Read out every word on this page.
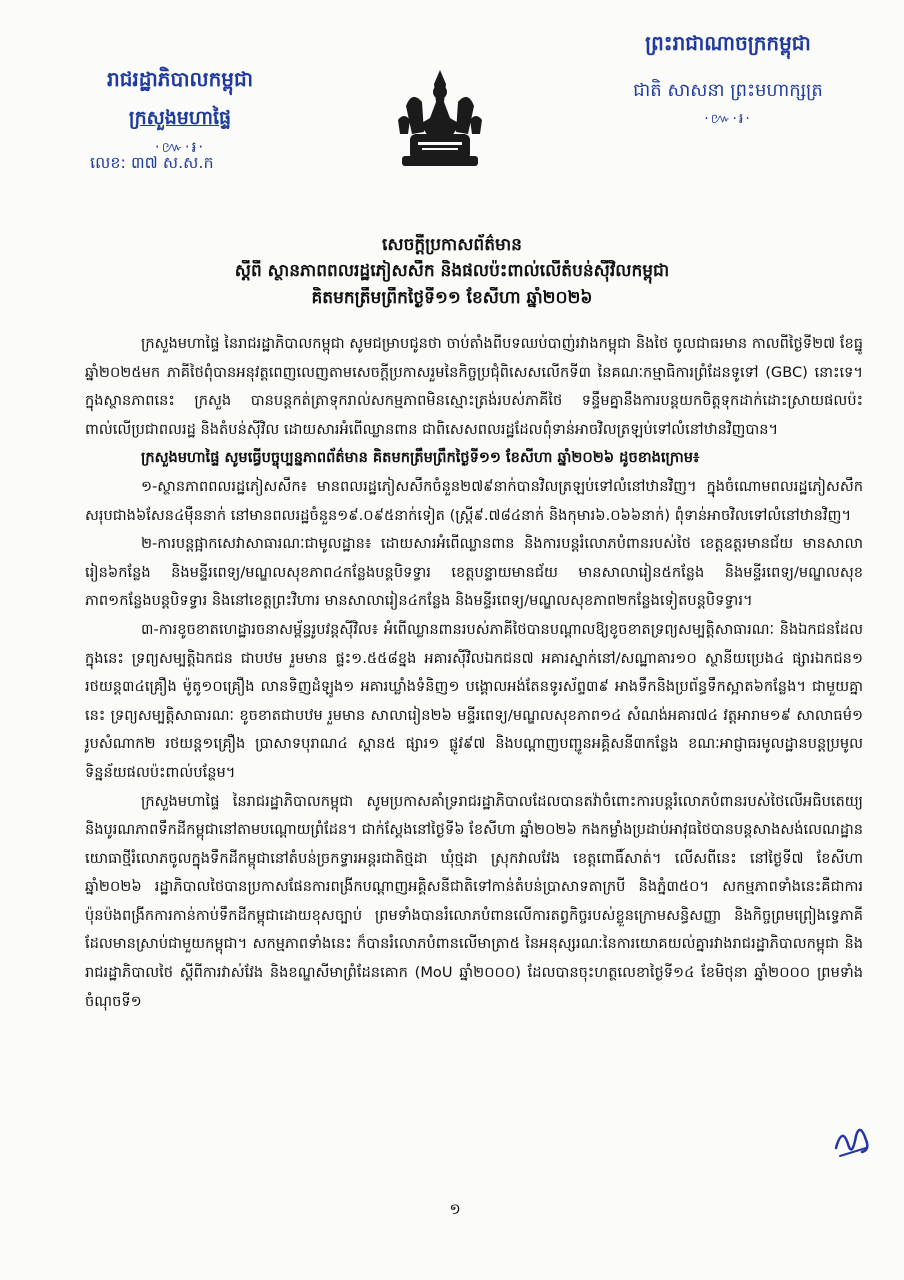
រាជរដ្ឋាភិបាលកម្ពុជា
ក្រសួងមហាផ្ទៃ
·៚·៛·
លេខ: ៣៧ ស.ស.ក
ព្រះរាជាណាចក្រកម្ពុជា
ជាតិ សាសនា ព្រះមហាក្សត្រ
·៚·៛·
សេចក្ដីប្រកាសព័ត៌មាន
ស្ដីពី ស្ថានភាពពលរដ្ឋភៀសសឹក និងផលប៉ះពាល់លើតំបន់ស៊ីវិលកម្ពុជា
គិតមកត្រឹមព្រឹកថ្ងៃទី១១ ខែសីហា ឆ្នាំ២០២៦

ក្រសួងមហាផ្ទៃ នៃរាជរដ្ឋាភិបាលកម្ពុជា សូមជម្រាបជូនថា ចាប់តាំងពីបទឈប់បាញ់រវាងកម្ពុជា និងថៃ ចូលជាធរមាន កាលពីថ្ងៃទី២៧ ខែធ្នូ ឆ្នាំ២០២៥មក ភាគីថៃពុំបានអនុវត្តពេញលេញតាមសេចក្ដីប្រកាសរួមនៃកិច្ចប្រជុំពិសេសលើកទី៣ នៃគណៈកម្មាធិការព្រំដែនទូទៅ (GBC) នោះទេ។ ក្នុងស្ថានភាពនេះ ក្រសួង បានបន្តកត់ត្រាទុករាល់សកម្មភាពមិនស្មោះត្រង់របស់ភាគីថៃ ទន្ទឹមគ្នានឹងការបន្តយកចិត្តទុកដាក់ដោះស្រាយផលប៉ះពាល់លើប្រជាពលរដ្ឋ និងតំបន់ស៊ីវិល ដោយសារអំពើឈ្លានពាន ជាពិសេសពលរដ្ឋដែលពុំទាន់អាចវិលត្រឡប់ទៅលំនៅឋានវិញបាន។

ក្រសួងមហាផ្ទៃ សូមធ្វើបច្ចុប្បន្នភាពព័ត៌មាន គិតមកត្រឹមព្រឹកថ្ងៃទី១១ ខែសីហា ឆ្នាំ២០២៦ ដូចខាងក្រោម៖

១-ស្ថានភាពពលរដ្ឋភៀសសឹក៖ មានពលរដ្ឋភៀសសឹកចំនួន២៧៩នាក់បានវិលត្រឡប់ទៅលំនៅឋានវិញ។ ក្នុងចំណោមពលរដ្ឋភៀសសឹកសរុបជាង៦សែន៤ម៉ឺននាក់ នៅមានពលរដ្ឋចំនួន១៩.០៩៥នាក់ទៀត (ស្ត្រី៩.៧៨៤នាក់ និងកុមារ៦.០៦៦នាក់) ពុំទាន់អាចវិលទៅលំនៅឋានវិញ។

២-ការបន្តផ្អាកសេវាសាធារណៈជាមូលដ្ឋាន៖ ដោយសារអំពើឈ្លានពាន និងការបន្តរំលោភបំពានរបស់ថៃ ខេត្តឧត្តរមានជ័យ មានសាលារៀន៦កន្លែង និងមន្ទីរពេទ្យ/មណ្ឌលសុខភាព៤កន្លែងបន្តបិទទ្វារ ខេត្តបន្ទាយមានជ័យ មានសាលារៀន៥កន្លែង និងមន្ទីរពេទ្យ/មណ្ឌលសុខភាព១កន្លែងបន្តបិទទ្វារ និងនៅខេត្តព្រះវិហារ មានសាលារៀន៤កន្លែង និងមន្ទីរពេទ្យ/មណ្ឌលសុខភាព២កន្លែងទៀតបន្តបិទទ្វារ។

៣-ការខូចខាតហេដ្ឋារចនាសម្ព័ន្ធរូបវន្តស៊ីវិល៖ អំពើឈ្លានពានរបស់ភាគីថៃបានបណ្ដាលឱ្យខូចខាតទ្រព្យសម្បត្តិសាធារណៈ និងឯកជនដែលក្នុងនេះ ទ្រព្យសម្បត្តិឯកជន ជាបឋម រួមមាន ផ្ទះ១.៥៥៨ខ្នង អគារស៊ីវិលឯកជន៧ អគារស្នាក់នៅ/សណ្ឋាគារ១០ ស្ថានីយប្រេង៤ ផ្សារឯកជន១ រថយន្ត៣៤គ្រឿង ម៉ូតូ១០គ្រឿង លានទិញដំឡូង១ អគារឃ្លាំងទំនិញ១ បង្គោលអង់តែនទូរស័ព្ទ៣៩ អាងទឹកនិងប្រព័ន្ធទឹកស្អាត៦កន្លែង។ ជាមួយគ្នានេះ ទ្រព្យសម្បត្តិសាធារណៈ ខូចខាតជាបឋម រួមមាន សាលារៀន២៦ មន្ទីរពេទ្យ/មណ្ឌលសុខភាព១៤ សំណង់អគារ៧៤ វត្តអារាម១៩ សាលាធម៌១ រូបសំណាក២ រថយន្ត១គ្រឿង ប្រាសាទបុរាណ៤ ស្ពាន៥ ផ្សារ១ ផ្លូវ៩៧ និងបណ្ដាញបញ្ជូនអគ្គិសនី៣កន្លែង ខណៈអាជ្ញាធរមូលដ្ឋានបន្តប្រមូលទិន្នន័យផលប៉ះពាល់បន្ថែម។

ក្រសួងមហាផ្ទៃ នៃរាជរដ្ឋាភិបាលកម្ពុជា សូមប្រកាសគាំទ្ររាជរដ្ឋាភិបាលដែលបានតវ៉ាចំពោះការបន្តរំលោភបំពានរបស់ថៃលើអធិបតេយ្យ និងបូរណភាពទឹកដីកម្ពុជានៅតាមបណ្ដោយព្រំដែន។ ជាក់ស្ដែងនៅថ្ងៃទី៦ ខែសីហា ឆ្នាំ២០២៦ កងកម្លាំងប្រដាប់អាវុធថៃបានបន្តសាងសង់លេណដ្ឋានយោធាថ្មីរំលោភចូលក្នុងទឹកដីកម្ពុជានៅតំបន់ច្រកទ្វារអន្តរជាតិថ្មដា ឃុំថ្មដា ស្រុកវាលវែង ខេត្តពោធិ៍សាត់។ លើសពីនេះ នៅថ្ងៃទី៧ ខែសីហា ឆ្នាំ២០២៦ រដ្ឋាភិបាលថៃបានប្រកាសផែនការពង្រីកបណ្ដាញអគ្គិសនីជាតិទៅកាន់តំបន់ប្រាសាទតាក្របី និងភ្នំ៣៥០។ សកម្មភាពទាំងនេះគឺជាការប៉ុនប៉ងពង្រីកការកាន់កាប់ទឹកដីកម្ពុជាដោយខុសច្បាប់ ព្រមទាំងបានរំលោភបំពានលើការតព្វកិច្ចរបស់ខ្លួនក្រោមសន្ធិសញ្ញា និងកិច្ចព្រមព្រៀងទ្វេភាគីដែលមានស្រាប់ជាមួយកម្ពុជា។ សកម្មភាពទាំងនេះ ក៏បានរំលោភបំពានលើមាត្រា៥ នៃអនុស្សរណៈនៃការយោគយល់គ្នារវាងរាជរដ្ឋាភិបាលកម្ពុជា និងរាជរដ្ឋាភិបាលថៃ ស្ដីពីការវាស់វែង និងខណ្ឌសីមាព្រំដែនគោក (MoU ឆ្នាំ២០០០) ដែលបានចុះហត្ថលេខាថ្ងៃទី១៤ ខែមិថុនា ឆ្នាំ២០០០ ព្រមទាំងចំណុចទី១

១
